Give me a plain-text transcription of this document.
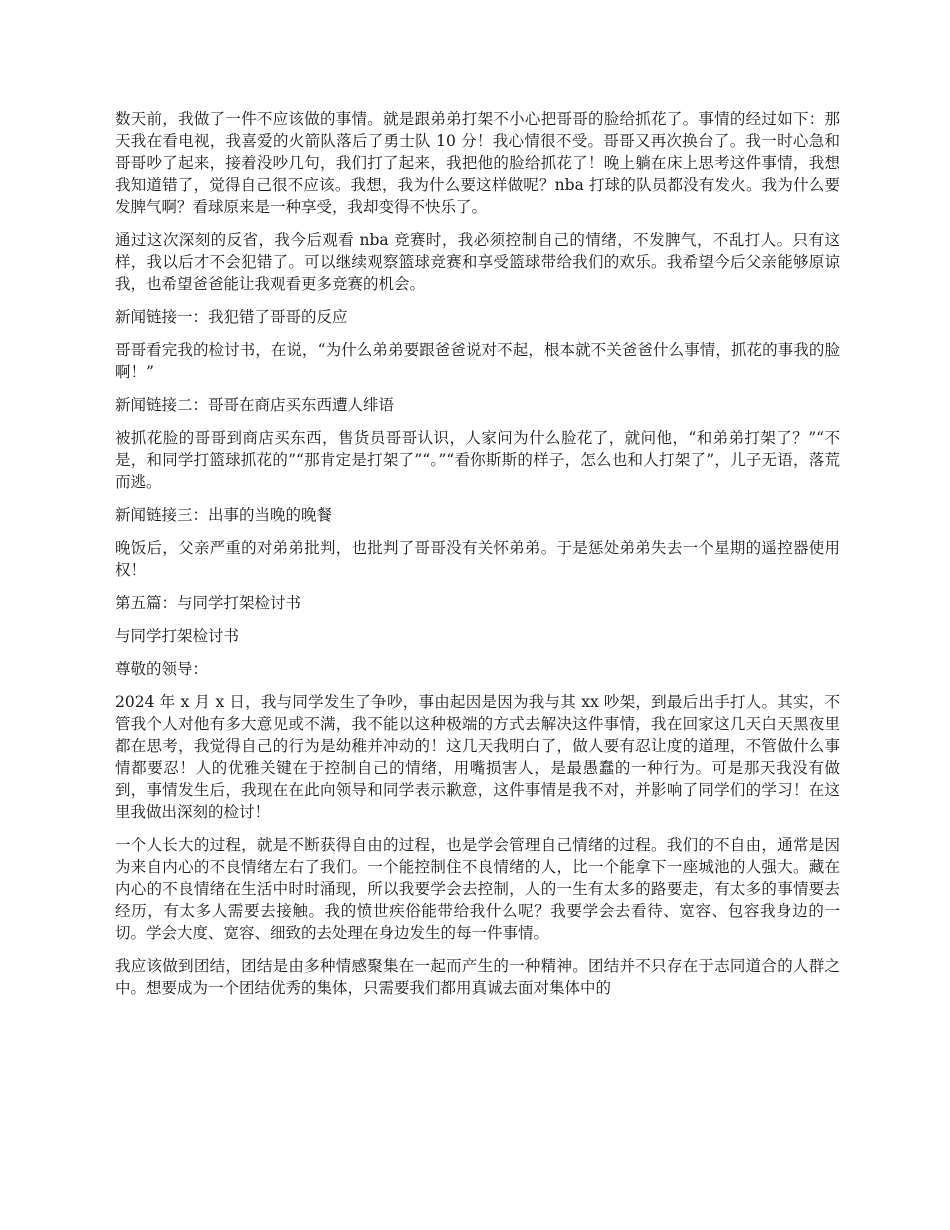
数天前，我做了一件不应该做的事情。就是跟弟弟打架不小心把哥哥的脸给抓花了。事情的经过如下：那天我在看电视，我喜爱的火箭队落后了勇士队 10 分！我心情很不受。哥哥又再次换台了。我一时心急和哥哥吵了起来，接着没吵几句，我们打了起来，我把他的脸给抓花了！晚上躺在床上思考这件事情，我想我知道错了，觉得自己很不应该。我想，我为什么要这样做呢？nba 打球的队员都没有发火。我为什么要发脾气啊？看球原来是一种享受，我却变得不快乐了。

通过这次深刻的反省，我今后观看 nba 竞赛时，我必须控制自己的情绪，不发脾气，不乱打人。只有这样，我以后才不会犯错了。可以继续观察篮球竞赛和享受篮球带给我们的欢乐。我希望今后父亲能够原谅我，也希望爸爸能让我观看更多竞赛的机会。

新闻链接一：我犯错了哥哥的反应

哥哥看完我的检讨书，在说，“为什么弟弟要跟爸爸说对不起，根本就不关爸爸什么事情，抓花的事我的脸啊！”

新闻链接二：哥哥在商店买东西遭人绯语

被抓花脸的哥哥到商店买东西，售货员哥哥认识，人家问为什么脸花了，就问他，“和弟弟打架了？”“不是，和同学打篮球抓花的”“那肯定是打架了”“。”“看你斯斯的样子，怎么也和人打架了”，儿子无语，落荒而逃。

新闻链接三：出事的当晚的晚餐

晚饭后，父亲严重的对弟弟批判，也批判了哥哥没有关怀弟弟。于是惩处弟弟失去一个星期的遥控器使用权！

第五篇：与同学打架检讨书

与同学打架检讨书

尊敬的领导：

2024 年 x 月 x 日，我与同学发生了争吵，事由起因是因为我与其 xx 吵架，到最后出手打人。其实，不管我个人对他有多大意见或不满，我不能以这种极端的方式去解决这件事情，我在回家这几天白天黑夜里都在思考，我觉得自己的行为是幼稚并冲动的！这几天我明白了，做人要有忍让度的道理，不管做什么事情都要忍！人的优雅关键在于控制自己的情绪，用嘴损害人，是最愚蠢的一种行为。可是那天我没有做到，事情发生后，我现在在此向领导和同学表示歉意，这件事情是我不对，并影响了同学们的学习！在这里我做出深刻的检讨！

一个人长大的过程，就是不断获得自由的过程，也是学会管理自己情绪的过程。我们的不自由，通常是因为来自内心的不良情绪左右了我们。一个能控制住不良情绪的人，比一个能拿下一座城池的人强大。藏在内心的不良情绪在生活中时时涌现，所以我要学会去控制，人的一生有太多的路要走，有太多的事情要去经历，有太多人需要去接触。我的愤世疾俗能带给我什么呢？我要学会去看待、宽容、包容我身边的一切。学会大度、宽容、细致的去处理在身边发生的每一件事情。

我应该做到团结，团结是由多种情感聚集在一起而产生的一种精神。团结并不只存在于志同道合的人群之中。想要成为一个团结优秀的集体，只需要我们都用真诚去面对集体中的
